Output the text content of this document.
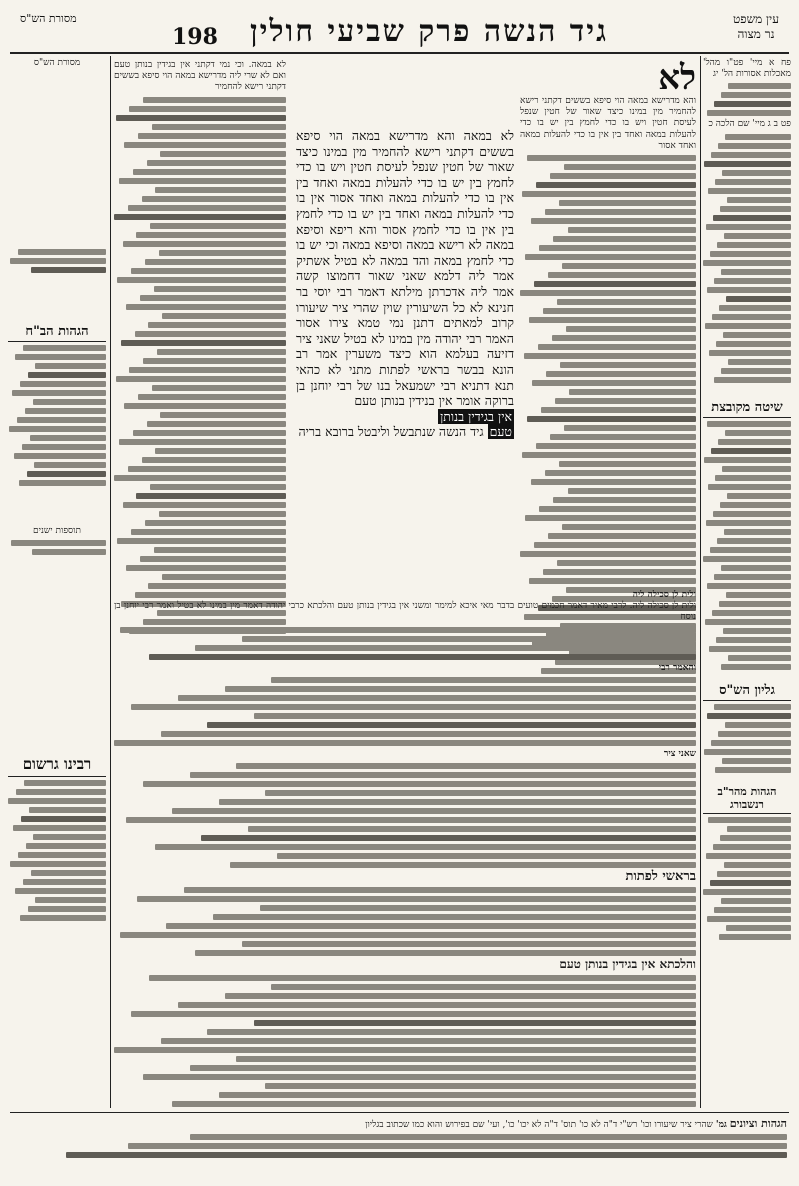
עין משפט
נר מצוה
198 גיד הנשה פרק שביעי חולין
מסורת הש"ס
פח א מיי' פט"ו מהל' מאכלות אסורות הל' יג
פט ב ג מיי' שם הלכה כ
שיטה מקובצת
גליון הש"ס
הגהות מהר"ב רנשבורג
מסורת הש"ס
הגהות הב"ח
תוספות ישנים
רבינו גרשום
לא
והא מדרישא במאה הוי סיפא בששים דקתני רישא להחמיר מין במינו כיצד שאור של חטין שנפל לעיסת חטין ויש בו כדי לחמץ בין יש בו כדי להעלות במאה ואחד בין אין בו כדי להעלות במאה ואחד אסור
לא במאה. וכי נמי דקתני אין בגידין בנותן טעם ואם לא שרי ליה מדרישא במאה הוי סיפא בששים דקתני רישא להחמיר
לא במאה והא מדרישא במאה הוי סיפא בששים דקתני רישא להחמיר מין במינו כיצד שאור של חטין שנפל לעיסת חטין ויש בו כדי לחמץ בין יש בו כדי להעלות במאה ואחד בין אין בו כדי להעלות במאה ואחד אסור אין בו כדי להעלות במאה ואחד בין יש בו כדי לחמץ בין אין בו כדי לחמץ אסור והא ריפא וסיפא במאה לא רישא במאה וסיפא במאה וכי יש בו כדי לחמץ במאה והד במאה לא בטיל אשתיק אמר ליה דלמא שאני שאור דחמוצו קשה אמר ליה אדכרתן מילתא דאמר רבי יוסי בר חנינא לא כל השיעורין שוין שהרי ציר שיעורו קרוב למאתים דתנן נמי טמא צירו אסור האמר רבי יהודה מין במינו לא בטיל שאני ציר דזיעה בעלמא הוא כיצד משערין אמר רב הונא בבשר בראשי לפתות מתני לא כהאי תנא דתניא רבי ישמעאל בנו של רבי יוחנן בן ברוקה אומר אין בנידין בנותן טעם
אין בגידין בנותן
טעם גיד הנשה שנתבשל וליבטל ברובא בריה
ולית לן סכילה ליה
ולית לן סכילה ליה. לרבי מאיר דאמר חכמים טועים בדבר מאי איכא למימר ומשני אין בגידין בנותן טעם והלכתא כרבי יהודה דאמר מין במינו לא בטיל ואמר רבי יוחנן בן נוסח
והאמר רבי
שאני ציר
בראשי לפתות
והלכתא אין בגידין בנותן טעם
הגהות וציונים גמ' שהרי ציר שיעורו וכו' רש"י ד"ה לא כו' תוס' ד"ה לא יכו' כו', ועי' שם בפירוש והוא כמו שכתוב בגליון
